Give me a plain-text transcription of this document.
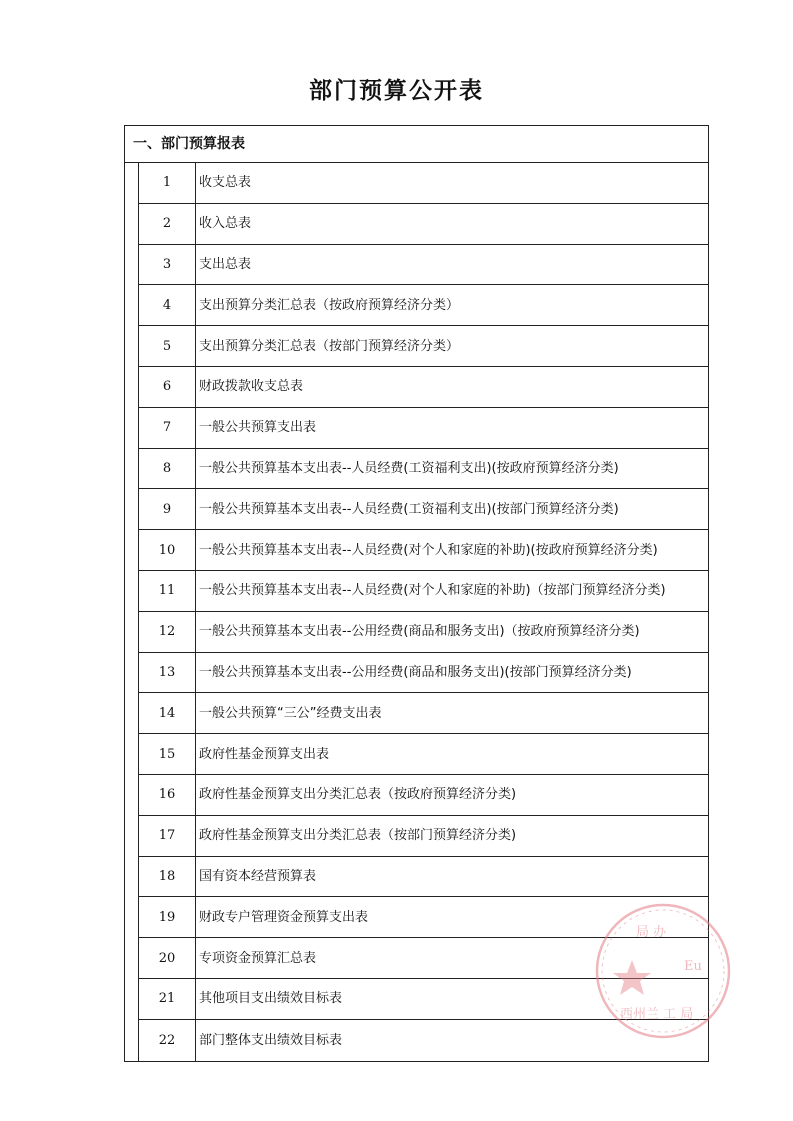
部门预算公开表
一、部门预算报表
1	收支总表
2	收入总表
3	支出总表
4	支出预算分类汇总表（按政府预算经济分类）
5	支出预算分类汇总表（按部门预算经济分类）
6	财政拨款收支总表
7	一般公共预算支出表
8	一般公共预算基本支出表--人员经费(工资福利支出)(按政府预算经济分类)
9	一般公共预算基本支出表--人员经费(工资福利支出)(按部门预算经济分类)
10	一般公共预算基本支出表--人员经费(对个人和家庭的补助)(按政府预算经济分类)
11	一般公共预算基本支出表--人员经费(对个人和家庭的补助)（按部门预算经济分类)
12	一般公共预算基本支出表--公用经费(商品和服务支出)（按政府预算经济分类)
13	一般公共预算基本支出表--公用经费(商品和服务支出)(按部门预算经济分类)
14	一般公共预算“三公”经费支出表
15	政府性基金预算支出表
16	政府性基金预算支出分类汇总表（按政府预算经济分类)
17	政府性基金预算支出分类汇总表（按部门预算经济分类)
18	国有资本经营预算表
19	财政专户管理资金预算支出表
20	专项资金预算汇总表
21	其他项目支出绩效目标表
22	部门整体支出绩效目标表
局 办
Eu
西州兰 工 局
